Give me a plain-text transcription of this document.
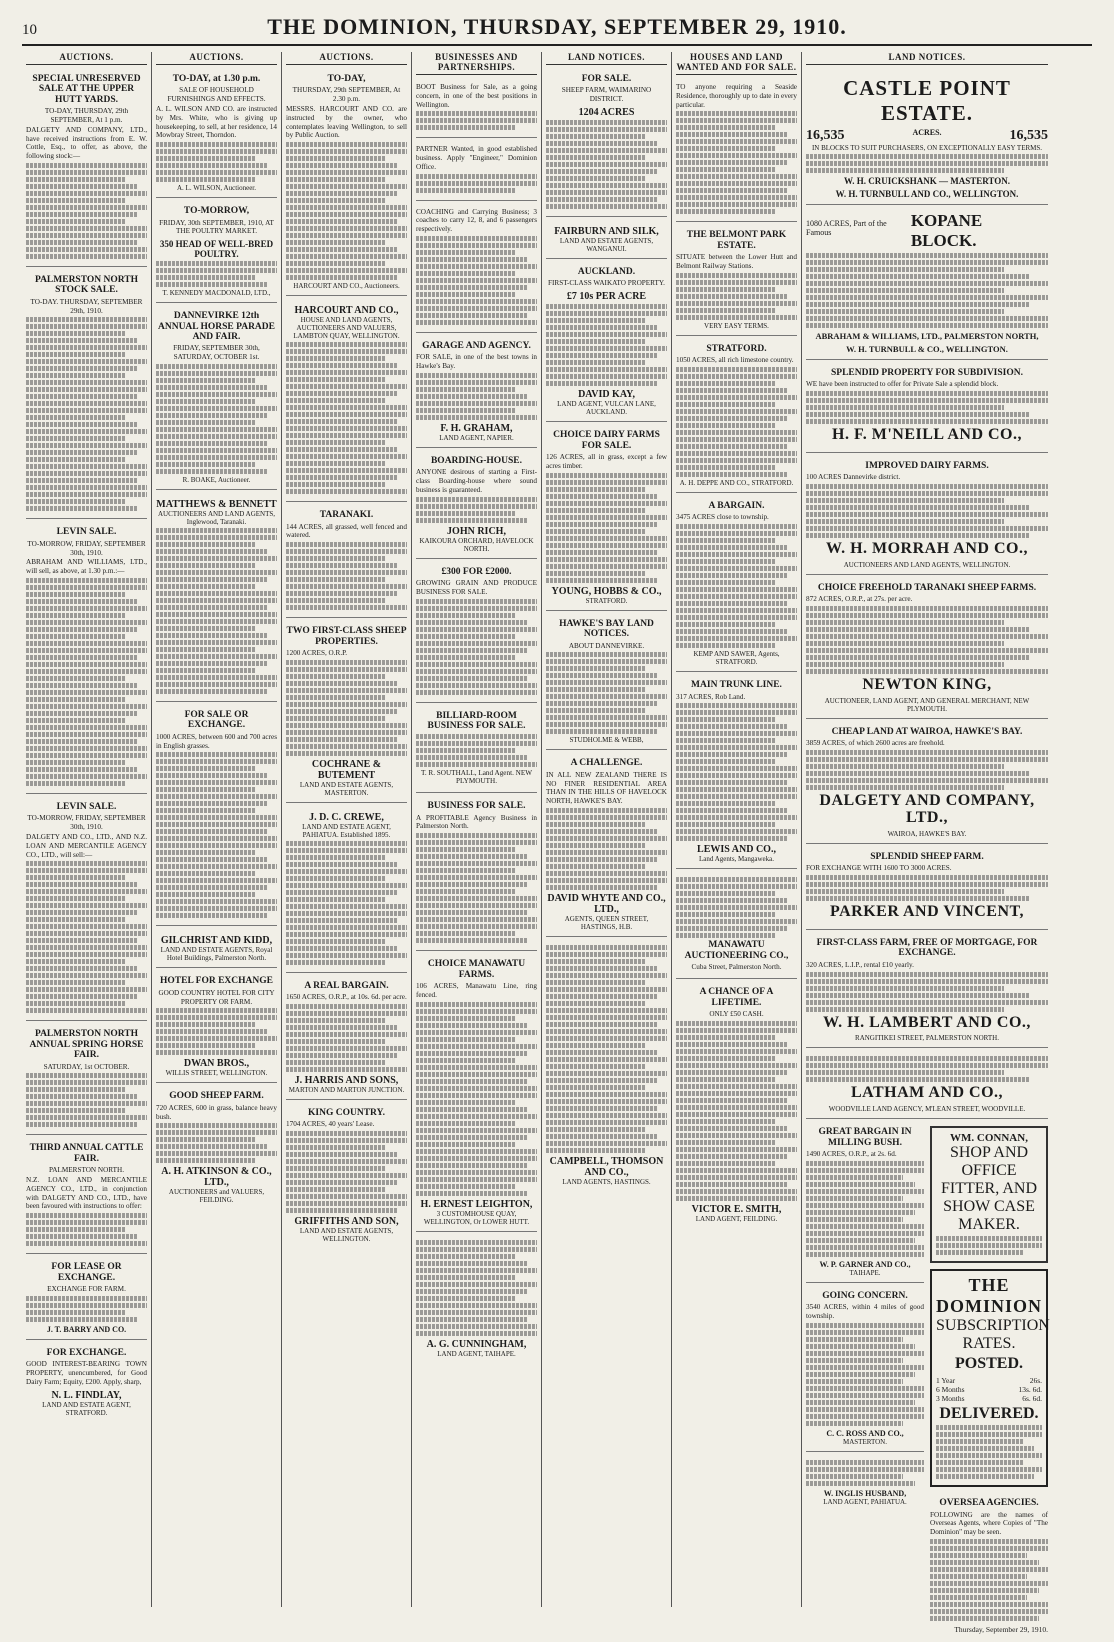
10	THE DOMINION, THURSDAY, SEPTEMBER 29, 1910.
AUCTIONS.
SPECIAL UNRESERVED SALE AT THE UPPER HUTT YARDS.

TO-DAY, THURSDAY, 29th SEPTEMBER, At 1 p.m.

DALGETY AND COMPANY, LTD., have received instructions from E. W. Cottle, Esq., to offer, as above, the following stock:—

PALMERSTON NORTH STOCK SALE.

TO-DAY. THURSDAY, SEPTEMBER 29th, 1910.

LEVIN SALE.

TO-MORROW, FRIDAY, SEPTEMBER 30th, 1910.

ABRAHAM AND WILLIAMS, LTD., will sell, as above, at 1.30 p.m.:—

LEVIN SALE.

TO-MORROW, FRIDAY, SEPTEMBER 30th, 1910.

DALGETY AND CO., LTD., AND N.Z. LOAN AND MERCANTILE AGENCY CO., LTD., will sell:—

PALMERSTON NORTH ANNUAL SPRING HORSE FAIR.

SATURDAY, 1st OCTOBER.

THIRD ANNUAL CATTLE FAIR.

PALMERSTON NORTH.

N.Z. LOAN AND MERCANTILE AGENCY CO., LTD., in conjunction with DALGETY AND CO., LTD., have been favoured with instructions to offer:

FOR LEASE OR EXCHANGE.

EXCHANGE FOR FARM.

J. T. BARRY AND CO.
FOR EXCHANGE.

GOOD INTEREST-BEARING TOWN PROPERTY, unencumbered, for Good Dairy Farm; Equity, £200. Apply, sharp,

N. L. FINDLAY,
LAND AND ESTATE AGENT, STRATFORD.
AUCTIONS.
TO-DAY, at 1.30 p.m.

SALE OF HOUSEHOLD FURNISHINGS AND EFFECTS.

A. L. WILSON AND CO. are instructed by Mrs. White, who is giving up housekeeping, to sell, at her residence, 14 Mowbray Street, Thorndon.

A. L. WILSON, Auctioneer.
TO-MORROW,

FRIDAY, 30th SEPTEMBER, 1910, AT THE POULTRY MARKET.

350 HEAD OF WELL-BRED POULTRY.
T. KENNEDY MACDONALD, LTD.,
DANNEVIRKE 12th ANNUAL HORSE PARADE AND FAIR.

FRIDAY, SEPTEMBER 30th, SATURDAY, OCTOBER 1st.

R. BOAKE, Auctioneer.
MATTHEWS & BENNETT
AUCTIONEERS AND LAND AGENTS, Inglewood, Taranaki.
FOR SALE OR EXCHANGE.

1000 ACRES, between 600 and 700 acres in English grasses.

GILCHRIST AND KIDD,
LAND AND ESTATE AGENTS, Royal Hotel Buildings, Palmerston North.
HOTEL FOR EXCHANGE

GOOD COUNTRY HOTEL FOR CITY PROPERTY OR FARM.

DWAN BROS.,
WILLIS STREET, WELLINGTON.
GOOD SHEEP FARM.

720 ACRES, 600 in grass, balance heavy bush.

A. H. ATKINSON & CO., LTD.,
AUCTIONEERS and VALUERS, FEILDING.
AUCTIONS.
TO-DAY,

THURSDAY, 29th SEPTEMBER, At 2.30 p.m.

MESSRS. HARCOURT AND CO. are instructed by the owner, who contemplates leaving Wellington, to sell by Public Auction.

HARCOURT AND CO., Auctioneers.
HARCOURT AND CO.,
HOUSE AND LAND AGENTS, AUCTIONEERS AND VALUERS, LAMBTON QUAY, WELLINGTON.
TARANAKI.

144 ACRES, all grassed, well fenced and watered.

TWO FIRST-CLASS SHEEP PROPERTIES.

1200 ACRES, O.R.P.

COCHRANE & BUTEMENT
LAND AND ESTATE AGENTS, MASTERTON.
J. D. C. CREWE,
LAND AND ESTATE AGENT, PAHIATUA. Established 1895.
A REAL BARGAIN.

1650 ACRES, O.R.P., at 10s. 6d. per acre.

J. HARRIS AND SONS,
MARTON AND MARTON JUNCTION.
KING COUNTRY.

1704 ACRES, 40 years' Lease.

GRIFFITHS AND SON,
LAND AND ESTATE AGENTS, WELLINGTON.
BUSINESSES AND PARTNERSHIPS.

BOOT Business for Sale, as a going concern, in one of the best positions in Wellington.

PARTNER Wanted, in good established business. Apply "Engineer," Dominion Office.

COACHING and Carrying Business; 3 coaches to carry 12, 8, and 6 passengers respectively.

GARAGE AND AGENCY.

FOR SALE, in one of the best towns in Hawke's Bay.

F. H. GRAHAM,
LAND AGENT, NAPIER.
BOARDING-HOUSE.

ANYONE desirous of starting a First-class Boarding-house where sound business is guaranteed.

JOHN RICH,
KAIKOURA ORCHARD, HAVELOCK NORTH.
£300 FOR £2000.

GROWING GRAIN AND PRODUCE BUSINESS FOR SALE.

BILLIARD-ROOM BUSINESS FOR SALE.

T. R. SOUTHALL, Land Agent. NEW PLYMOUTH.

BUSINESS FOR SALE.

A PROFITABLE Agency Business in Palmerston North.

CHOICE MANAWATU FARMS.

106 ACRES, Manawatu Line, ring fenced.

H. ERNEST LEIGHTON,
3 CUSTOMHOUSE QUAY, WELLINGTON, Or LOWER HUTT.
A. G. CUNNINGHAM,
LAND AGENT, TAIHAPE.
LAND NOTICES.
FOR SALE.

SHEEP FARM, WAIMARINO DISTRICT.

1204 ACRES
FAIRBURN AND SILK,
LAND AND ESTATE AGENTS, WANGANUI.
AUCKLAND.

FIRST-CLASS WAIKATO PROPERTY.

£7 10s PER ACRE
DAVID KAY,
LAND AGENT, VULCAN LANE, AUCKLAND.
CHOICE DAIRY FARMS FOR SALE.

126 ACRES, all in grass, except a few acres timber.

YOUNG, HOBBS & CO.,
STRATFORD.
HAWKE'S BAY LAND NOTICES.

ABOUT DANNEVIRKE.

STUDHOLME & WEBB,
A CHALLENGE.

IN ALL NEW ZEALAND THERE IS NO FINER RESIDENTIAL AREA THAN IN THE HILLS OF HAVELOCK NORTH, HAWKE'S BAY.

DAVID WHYTE AND CO., LTD.,
AGENTS, QUEEN STREET, HASTINGS, H.B.
CAMPBELL, THOMSON AND CO.,
LAND AGENTS, HASTINGS.
HOUSES AND LAND WANTED AND FOR SALE.

TO anyone requiring a Seaside Residence, thoroughly up to date in every particular.

THE BELMONT PARK ESTATE.

SITUATE between the Lower Hutt and Belmont Railway Stations.

VERY EASY TERMS.
STRATFORD.

1050 ACRES, all rich limestone country.

A. H. DEPPE AND CO., STRATFORD.
A BARGAIN.

3475 ACRES close to township.

KEMP AND SAWER, Agents, STRATFORD.
MAIN TRUNK LINE.

317 ACRES, Rob Land.

LEWIS AND CO.,
Land Agents, Mangaweka.
MANAWATU AUCTIONEERING CO.,

Cuba Street, Palmerston North.

A CHANCE OF A LIFETIME.

ONLY £50 CASH.

VICTOR E. SMITH,
LAND AGENT, FEILDING.
LAND NOTICES.
CASTLE POINT ESTATE.
16,535	ACRES.	16,535
IN BLOCKS TO SUIT PURCHASERS, ON EXCEPTIONALLY EASY TERMS.
W. H. CRUICKSHANK — MASTERTON.
W. H. TURNBULL AND CO., WELLINGTON.
1080 ACRES, Part of the Famous
KOPANE BLOCK.
ABRAHAM & WILLIAMS, LTD., PALMERSTON NORTH,
W. H. TURNBULL & CO., WELLINGTON.
SPLENDID PROPERTY FOR SUBDIVISION.

WE have been instructed to offer for Private Sale a splendid block.

H. F. M'NEILL AND CO.,
IMPROVED DAIRY FARMS.

100 ACRES Dannevirke district.

W. H. MORRAH AND CO.,
AUCTIONEERS AND LAND AGENTS, WELLINGTON.
CHOICE FREEHOLD TARANAKI SHEEP FARMS.

872 ACRES, O.R.P., at 27s. per acre.

NEWTON KING,
AUCTIONEER, LAND AGENT, AND GENERAL MERCHANT, NEW PLYMOUTH.
CHEAP LAND AT WAIROA, HAWKE'S BAY.

3859 ACRES, of which 2600 acres are freehold.

DALGETY AND COMPANY, LTD.,
WAIROA, HAWKE'S BAY.
SPLENDID SHEEP FARM.

FOR EXCHANGE WITH 1600 TO 3000 ACRES.

PARKER AND VINCENT,
FIRST-CLASS FARM, FREE OF MORTGAGE, FOR EXCHANGE.

320 ACRES, L.I.P., rental £10 yearly.

W. H. LAMBERT AND CO.,
RANGITIKEI STREET, PALMERSTON NORTH.
LATHAM AND CO.,
WOODVILLE LAND AGENCY, M'LEAN STREET, WOODVILLE.
GREAT BARGAIN IN MILLING BUSH.

1490 ACRES, O.R.P., at 2s. 6d.

W. P. GARNER AND CO.,
TAIHAPE.
GOING CONCERN.

3540 ACRES, within 4 miles of good township.

C. C. ROSS AND CO.,
MASTERTON.
W. INGLIS HUSBAND,
LAND AGENT, PAHIATUA.
WM. CONNAN,
SHOP AND OFFICE FITTER, AND SHOW CASE MAKER.
THE DOMINION
SUBSCRIPTION RATES.
POSTED.
1 Year	26s.
6 Months	13s. 6d.
3 Months	6s. 6d.
DELIVERED.
OVERSEA AGENCIES.

FOLLOWING are the names of Overseas Agents, where Copies of "The Dominion" may be seen.

Thursday, September 29, 1910.
